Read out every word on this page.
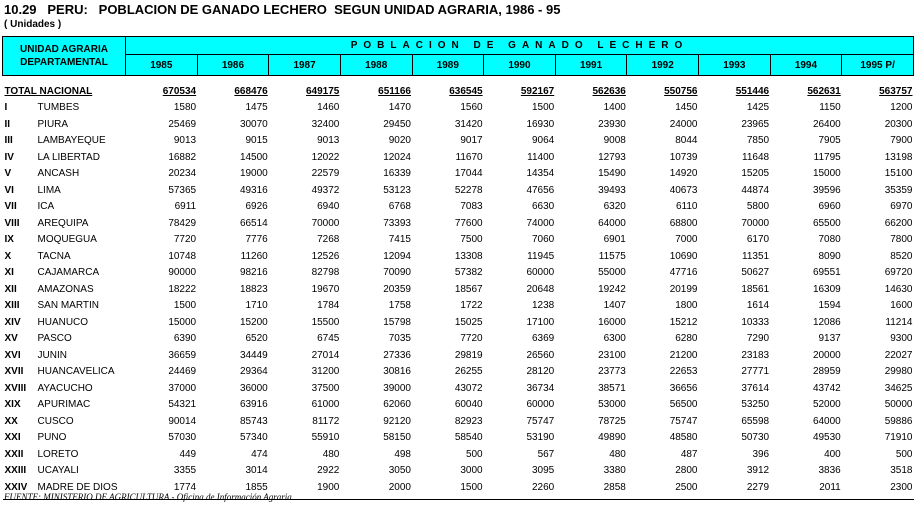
10.29   PERU:   POBLACION DE GANADO LECHERO  SEGUN UNIDAD AGRARIA, 1986 - 95
( Unidades )
UNIDAD AGRARIA
DEPARTAMENTAL		POBLACION DE GANADO LECHERO										
		1985	1986	1987	1988	1989	1990	1991	1992	1993	1994	1995 P/

TOTAL NACIONAL		670534	668476	649175	651166	636545	592167	562636	550756	551446	562631	563757
I	TUMBES	1580	1475	1460	1470	1560	1500	1400	1450	1425	1150	1200
II	PIURA	25469	30070	32400	29450	31420	16930	23930	24000	23965	26400	20300
III	LAMBAYEQUE	9013	9015	9013	9020	9017	9064	9008	8044	7850	7905	7900
IV	LA LIBERTAD	16882	14500	12022	12024	11670	11400	12793	10739	11648	11795	13198
V	ANCASH	20234	19000	22579	16339	17044	14354	15490	14920	15205	15000	15100
VI	LIMA	57365	49316	49372	53123	52278	47656	39493	40673	44874	39596	35359
VII	ICA	6911	6926	6940	6768	7083	6630	6320	6110	5800	6960	6970
VIII	AREQUIPA	78429	66514	70000	73393	77600	74000	64000	68800	70000	65500	66200
IX	MOQUEGUA	7720	7776	7268	7415	7500	7060	6901	7000	6170	7080	7800
X	TACNA	10748	11260	12526	12094	13308	11945	11575	10690	11351	8090	8520
XI	CAJAMARCA	90000	98216	82798	70090	57382	60000	55000	47716	50627	69551	69720
XII	AMAZONAS	18222	18823	19670	20359	18567	20648	19242	20199	18561	16309	14630
XIII	SAN MARTIN	1500	1710	1784	1758	1722	1238	1407	1800	1614	1594	1600
XIV	HUANUCO	15000	15200	15500	15798	15025	17100	16000	15212	10333	12086	11214
XV	PASCO	6390	6520	6745	7035	7720	6369	6300	6280	7290	9137	9300
XVI	JUNIN	36659	34449	27014	27336	29819	26560	23100	21200	23183	20000	22027
XVII	HUANCAVELICA	24469	29364	31200	30816	26255	28120	23773	22653	27771	28959	29980
XVIII	AYACUCHO	37000	36000	37500	39000	43072	36734	38571	36656	37614	43742	34625
XIX	APURIMAC	54321	63916	61000	62060	60040	60000	53000	56500	53250	52000	50000
XX	CUSCO	90014	85743	81172	92120	82923	75747	78725	75747	65598	64000	59886
XXI	PUNO	57030	57340	55910	58150	58540	53190	49890	48580	50730	49530	71910
XXII	LORETO	449	474	480	498	500	567	480	487	396	400	500
XXIII	UCAYALI	3355	3014	2922	3050	3000	3095	3380	2800	3912	3836	3518
XXIV	MADRE DE DIOS	1774	1855	1900	2000	1500	2260	2858	2500	2279	2011	2300

FUENTE: MINISTERIO DE AGRICULTURA - Oficina de Información Agraria.
